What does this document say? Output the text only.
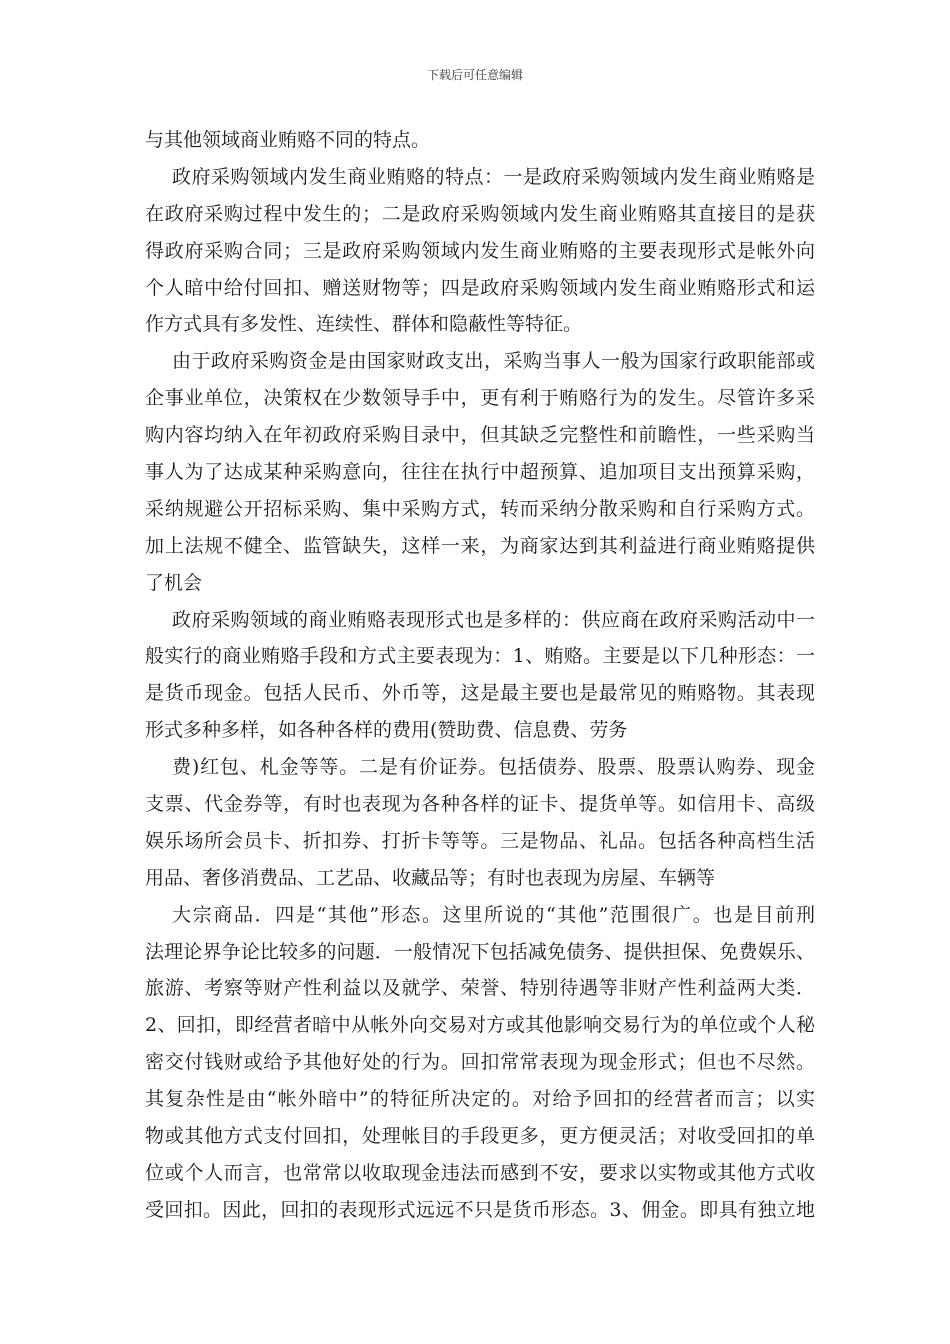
下载后可任意编辑
与其他领域商业贿赂不同的特点。
政府采购领域内发生商业贿赂的特点：一是政府采购领域内发生商业贿赂是
在政府采购过程中发生的；二是政府采购领域内发生商业贿赂其直接目的是获
得政府采购合同；三是政府采购领域内发生商业贿赂的主要表现形式是帐外向
个人暗中给付回扣、赠送财物等；四是政府采购领域内发生商业贿赂形式和运
作方式具有多发性、连续性、群体和隐蔽性等特征。
由于政府采购资金是由国家财政支出，采购当事人一般为国家行政职能部或
企事业单位，决策权在少数领导手中，更有利于贿赂行为的发生。尽管许多采
购内容均纳入在年初政府采购目录中，但其缺乏完整性和前瞻性，一些采购当
事人为了达成某种采购意向，往往在执行中超预算、追加项目支出预算采购，
采纳规避公开招标采购、集中采购方式，转而采纳分散采购和自行采购方式。
加上法规不健全、监管缺失，这样一来，为商家达到其利益进行商业贿赂提供
了机会
政府采购领域的商业贿赂表现形式也是多样的：供应商在政府采购活动中一
般实行的商业贿赂手段和方式主要表现为：1、贿赂。主要是以下几种形态：一
是货币现金。包括人民币、外币等，这是最主要也是最常见的贿赂物。其表现
形式多种多样，如各种各样的费用(赞助费、信息费、劳务
费)红包、札金等等。二是有价证券。包括债券、股票、股票认购券、现金
支票、代金券等，有时也表现为各种各样的证卡、提货单等。如信用卡、高级
娱乐场所会员卡、折扣券、打折卡等等。三是物品、礼品。包括各种高档生活
用品、奢侈消费品、工艺品、收藏品等；有时也表现为房屋、车辆等
大宗商品．四是“其他”形态。这里所说的“其他”范围很广。也是目前刑
法理论界争论比较多的问题．一般情况下包括减免债务、提供担保、免费娱乐、
旅游、考察等财产性利益以及就学、荣誉、特别待遇等非财产性利益两大类．
2、回扣，即经营者暗中从帐外向交易对方或其他影响交易行为的单位或个人秘
密交付钱财或给予其他好处的行为。回扣常常表现为现金形式；但也不尽然。
其复杂性是由“帐外暗中”的特征所决定的。对给予回扣的经营者而言；以实
物或其他方式支付回扣，处理帐目的手段更多，更方便灵活；对收受回扣的单
位或个人而言，也常常以收取现金违法而感到不安，要求以实物或其他方式收
受回扣。因此，回扣的表现形式远远不只是货币形态。3、佣金。即具有独立地
